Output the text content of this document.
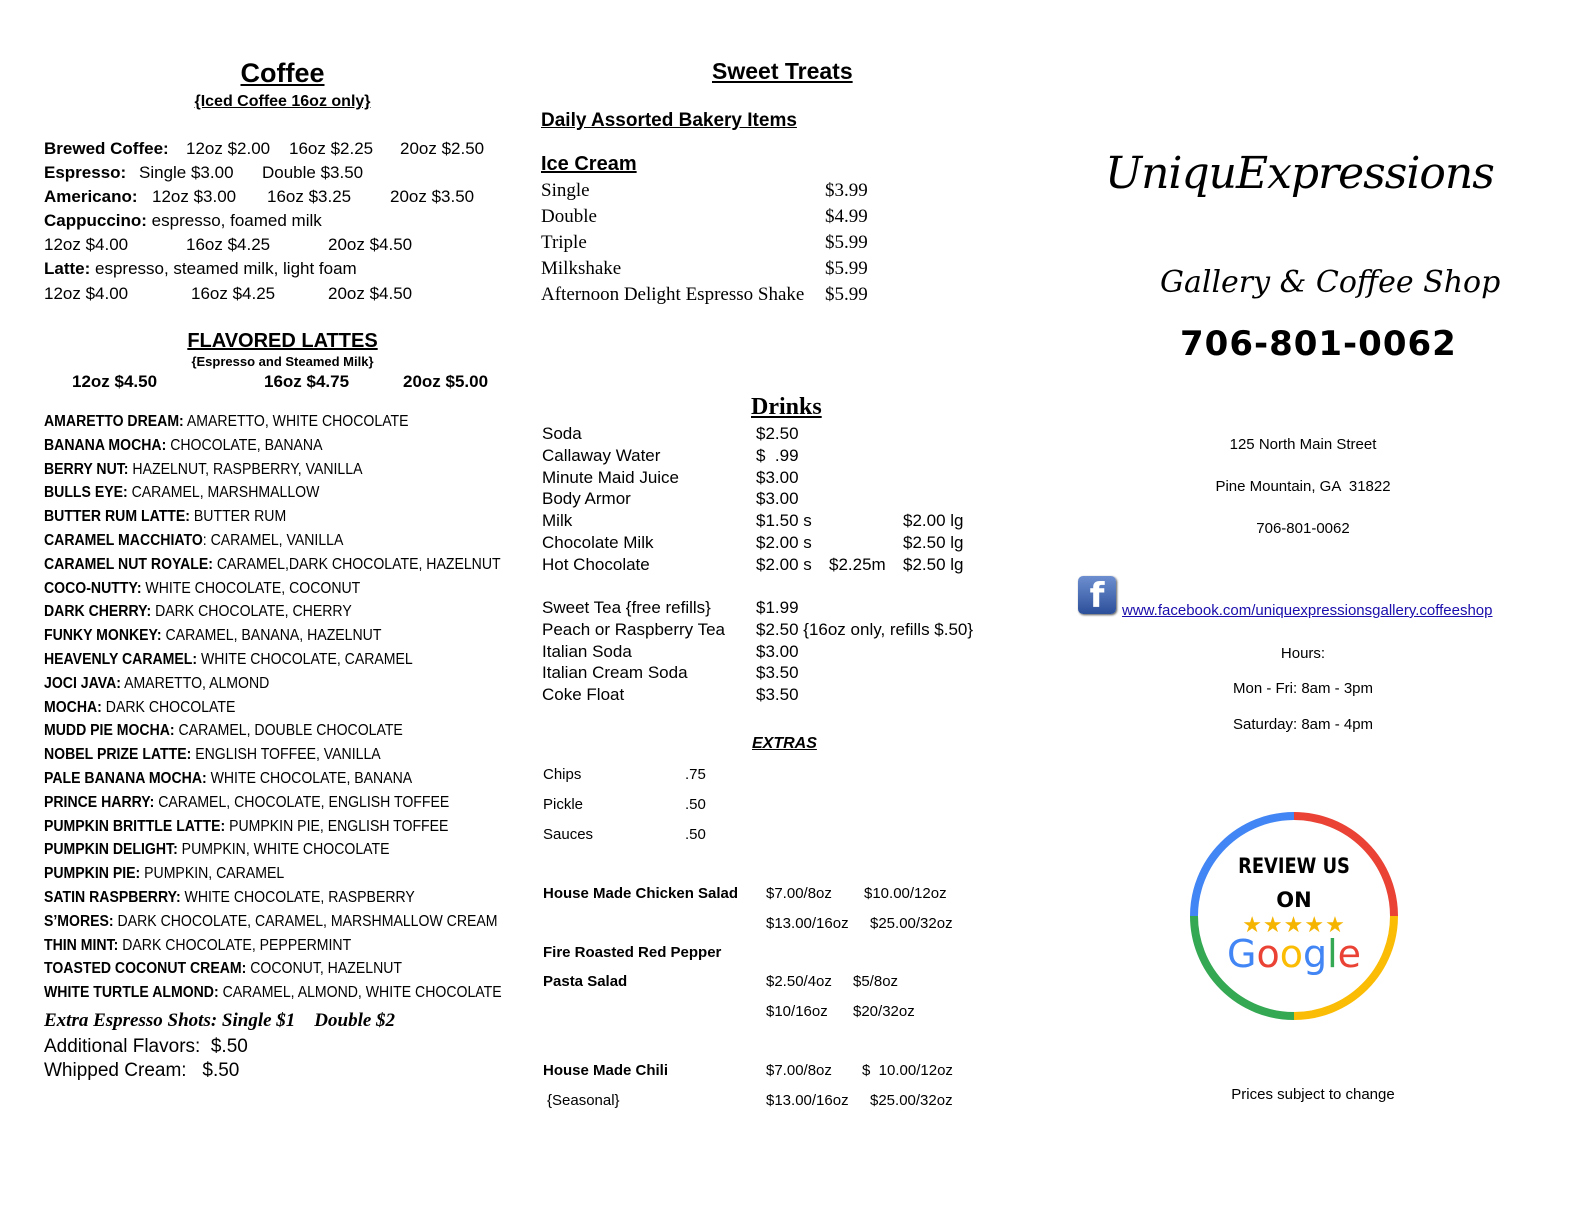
Coffee
{Iced Coffee 16oz only}
Brewed Coffee: 12oz $2.00 16oz $2.25 20oz $2.50
Espresso: Single $3.00 Double $3.50
Americano: 12oz $3.00 16oz $3.25 20oz $3.50
Cappuccino: espresso, foamed milk
12oz $4.00	16oz $4.25	20oz $4.50
Latte: espresso, steamed milk, light foam
12oz $4.00	16oz $4.25	20oz $4.50
FLAVORED LATTES
{Espresso and Steamed Milk}
12oz $4.50	16oz $4.75	20oz $5.00
AMARETTO DREAM: AMARETTO, WHITE CHOCOLATE
BANANA MOCHA: CHOCOLATE, BANANA
BERRY NUT: HAZELNUT, RASPBERRY, VANILLA
BULLS EYE: CARAMEL, MARSHMALLOW
BUTTER RUM LATTE: BUTTER RUM
CARAMEL MACCHIATO: CARAMEL, VANILLA
CARAMEL NUT ROYALE: CARAMEL,DARK CHOCOLATE, HAZELNUT
COCO-NUTTY: WHITE CHOCOLATE, COCONUT
DARK CHERRY: DARK CHOCOLATE, CHERRY
FUNKY MONKEY: CARAMEL, BANANA, HAZELNUT
HEAVENLY CARAMEL: WHITE CHOCOLATE, CARAMEL
JOCI JAVA: AMARETTO, ALMOND
MOCHA: DARK CHOCOLATE
MUDD PIE MOCHA: CARAMEL, DOUBLE CHOCOLATE
NOBEL PRIZE LATTE: ENGLISH TOFFEE, VANILLA
PALE BANANA MOCHA: WHITE CHOCOLATE, BANANA
PRINCE HARRY: CARAMEL, CHOCOLATE, ENGLISH TOFFEE
PUMPKIN BRITTLE LATTE: PUMPKIN PIE, ENGLISH TOFFEE
PUMPKIN DELIGHT: PUMPKIN, WHITE CHOCOLATE
PUMPKIN PIE: PUMPKIN, CARAMEL
SATIN RASPBERRY: WHITE CHOCOLATE, RASPBERRY
S’MORES: DARK CHOCOLATE, CARAMEL, MARSHMALLOW CREAM
THIN MINT: DARK CHOCOLATE, PEPPERMINT
TOASTED COCONUT CREAM: COCONUT, HAZELNUT
WHITE TURTLE ALMOND: CARAMEL, ALMOND, WHITE CHOCOLATE
Extra Espresso Shots: Single $1    Double $2
Additional Flavors:  $.50
Whipped Cream:   $.50
Sweet Treats
Daily Assorted Bakery Items
Ice Cream
Single	$3.99
Double	$4.99
Triple	$5.99
Milkshake	$5.99
Afternoon Delight Espresso Shake $5.99
Drinks
Soda	$2.50
Callaway Water	$  .99
Minute Maid Juice	$3.00
Body Armor	$3.00
Milk	$1.50 s	$2.00 lg
Chocolate Milk	$2.00 s	$2.50 lg
Hot Chocolate	$2.00 s $2.25m $2.50 lg
Sweet Tea {free refills}	$1.99
Peach or Raspberry Tea $2.50 {16oz only, refills $.50}
Italian Soda	$3.00
Italian Cream Soda	$3.50
Coke Float	$3.50
EXTRAS
Chips	.75
Pickle	.50
Sauces	.50
House Made Chicken Salad $7.00/8oz $10.00/12oz
$13.00/16oz $25.00/32oz
Fire Roasted Red Pepper
Pasta Salad	$2.50/4oz $5/8oz
$10/16oz $20/32oz
House Made Chili
{Seasonal}
$7.00/8oz $  10.00/12oz
$13.00/16oz $25.00/32oz
UniquExpressions
Gallery & Coffee Shop
706-801-0062
125 North Main Street
Pine Mountain, GA  31822
706-801-0062
f	www.facebook.com/uniquexpressionsgallery.coffeeshop
Hours:
Mon - Fri: 8am - 3pm
Saturday: 8am - 4pm
REVIEW US
ON
★★★★★
Google
Prices subject to change
